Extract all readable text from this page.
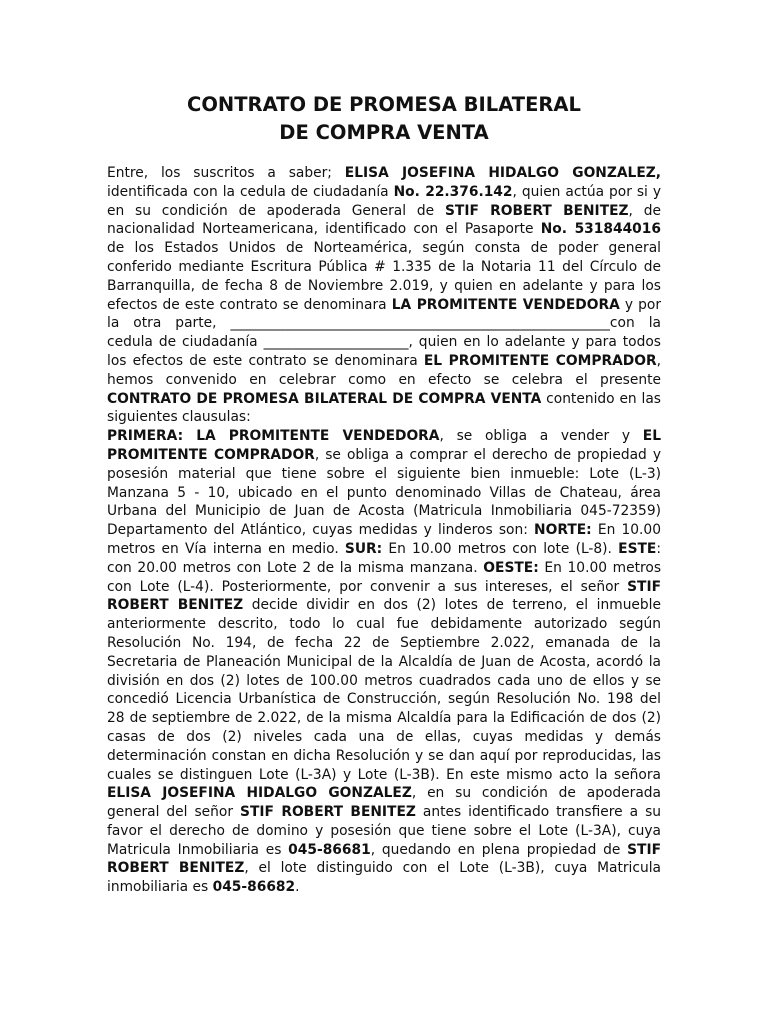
CONTRATO DE PROMESA BILATERAL
DE COMPRA VENTA

Entre, los suscritos a saber; ELISA JOSEFINA HIDALGO GONZALEZ, identificada con la cedula de ciudadanía No. 22.376.142, quien actúa por si y en su condición de apoderada General de STIF ROBERT BENITEZ, de nacionalidad Norteamericana, identificado con el Pasaporte No. 531844016 de los Estados Unidos de Norteamérica, según consta de poder general conferido mediante Escritura Pública # 1.335 de la Notaria 11 del Círculo de Barranquilla, de fecha 8 de Noviembre 2.019, y quien en adelante y para los efectos de este contrato se denominara LA PROMITENTE VENDEDORA y por la otra parte, _______________________________________________________con la cedula de ciudadanía _____________________, quien en lo adelante y para todos los efectos de este contrato se denominara EL PROMITENTE COMPRADOR, hemos convenido en celebrar como en efecto se celebra el presente CONTRATO DE PROMESA BILATERAL DE COMPRA VENTA contenido en las siguientes clausulas:

PRIMERA: LA PROMITENTE VENDEDORA, se obliga a vender y EL PROMITENTE COMPRADOR, se obliga a comprar el derecho de propiedad y posesión material que tiene sobre el siguiente bien inmueble: Lote (L-3) Manzana 5 - 10, ubicado en el punto denominado Villas de Chateau, área Urbana del Municipio de Juan de Acosta (Matricula Inmobiliaria 045-72359) Departamento del Atlántico, cuyas medidas y linderos son: NORTE: En 10.00 metros en Vía interna en medio. SUR: En 10.00 metros con lote (L-8). ESTE: con 20.00 metros con Lote 2 de la misma manzana. OESTE: En 10.00 metros con Lote (L-4). Posteriormente, por convenir a sus intereses, el señor STIF ROBERT BENITEZ decide dividir en dos (2) lotes de terreno, el inmueble anteriormente descrito, todo lo cual fue debidamente autorizado según Resolución No. 194, de fecha 22 de Septiembre 2.022, emanada de la Secretaria de Planeación Municipal de la Alcaldía de Juan de Acosta, acordó la división en dos (2) lotes de 100.00 metros cuadrados cada uno de ellos y se concedió Licencia Urbanística de Construcción, según Resolución No. 198 del 28 de septiembre de 2.022, de la misma Alcaldía para la Edificación de dos (2) casas de dos (2) niveles cada una de ellas, cuyas medidas y demás determinación constan en dicha Resolución y se dan aquí por reproducidas, las cuales se distinguen Lote (L-3A) y Lote (L-3B). En este mismo acto la señora ELISA JOSEFINA HIDALGO GONZALEZ, en su condición de apoderada general del señor STIF ROBERT BENITEZ antes identificado transfiere a su favor el derecho de domino y posesión que tiene sobre el Lote (L-3A), cuya Matricula Inmobiliaria es 045-86681, quedando en plena propiedad de STIF ROBERT BENITEZ, el lote distinguido con el Lote (L-3B), cuya Matricula inmobiliaria es 045-86682.
